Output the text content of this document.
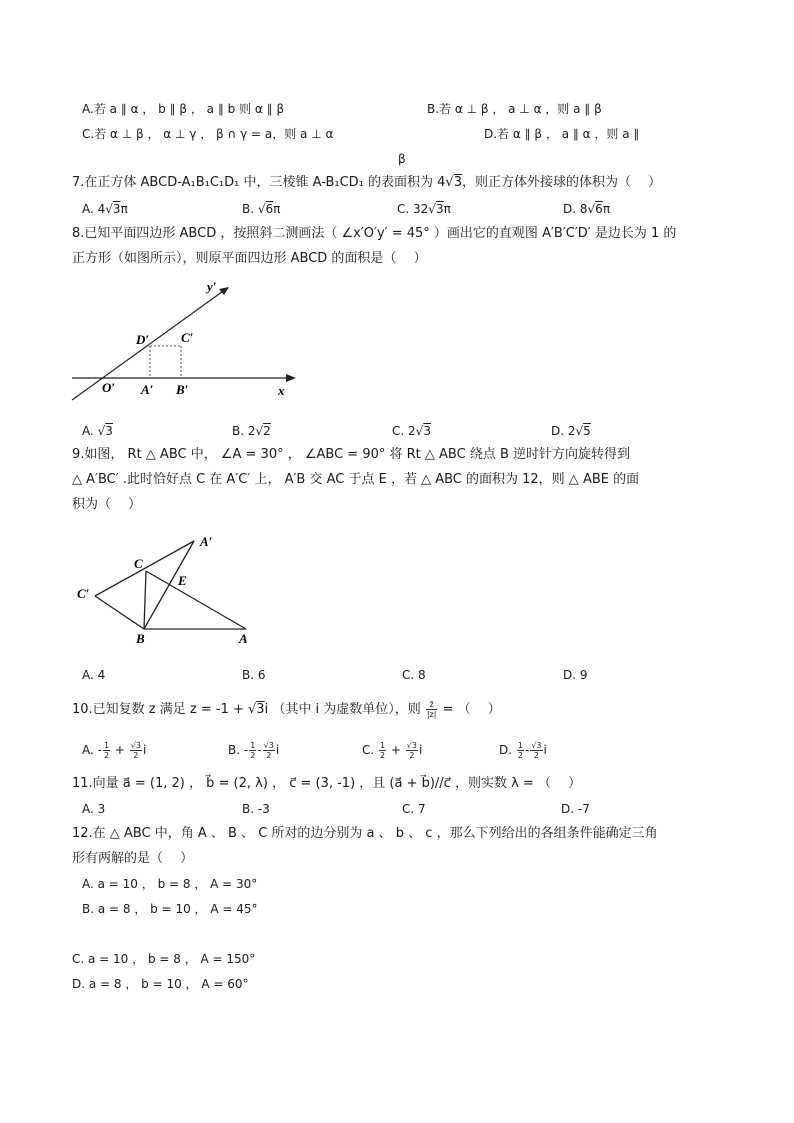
A.若 a ∥ α ， b ∥ β ， a ∥ b 则 α ∥ β	B.若 α ⊥ β ， a ⊥ α ，则 a ∥ β
C.若 α ⊥ β ， α ⊥ γ ， β ∩ γ = a，则 a ⊥ α	D.若 α ∥ β ， a ∥ α ，则 a ∥
β
7.在正方体 ABCD-A₁B₁C₁D₁ 中，三棱锥 A-B₁CD₁ 的表面积为 4√3，则正方体外接球的体积为（　 ）
A. 4√3π	B. √6π	C. 32√3π	D. 8√6π
8.已知平面四边形 ABCD ，按照斜二测画法（ ∠x′O′y′ = 45° ）画出它的直观图 A′B′C′D′ 是边长为 1 的
正方形（如图所示），则原平面四边形 ABCD 的面积是（　 ）
y′
x
O′ A′ B′
C′
D′
A. √3	B. 2√2	C. 2√3	D. 2√5
9.如图， Rt △ ABC 中， ∠A = 30° ， ∠ABC = 90° 将 Rt △ ABC 绕点 B 逆时针方向旋转得到
△ A′BC′ .此时恰好点 C 在 A′C′ 上， A′B 交 AC 于点 E ，若 △ ABC 的面积为 12，则 △ ABE 的面
积为（　 ）
C
A′
E
C′
B	A
A. 4	B. 6	C. 8	D. 9
10.已知复数 z 满足 z = -1 + √3i （其中 i 为虚数单位），则 $\frac{z̄}{|z|}$ = （　 ）
A. - $\frac{1}{2} + \frac{√3}{2}$ i	B. - $\frac{1}{2} - \frac{√3}{2}$ i	C. $\frac{1}{2} + \frac{√3}{2}$ i	D. $\frac{1}{2} - \frac{√3}{2}$ i
11.向量 a⃗ = (1, 2) ， b⃗ = (2, λ) ， c⃗ = (3, -1) ，且 (a⃗ + b⃗)//c⃗ ，则实数 λ = （　 ）
A. 3	B. -3	C. 7	D. -7
12.在 △ ABC 中，角 A 、 B 、 C 所对的边分别为 a 、 b 、 c ，那么下列给出的各组条件能确定三角
形有两解的是（　 ）
A. a = 10 ， b = 8 ， A = 30°
B. a = 8 ， b = 10 ， A = 45°
C. a = 10 ， b = 8 ， A = 150°
D. a = 8 ， b = 10 ， A = 60°
